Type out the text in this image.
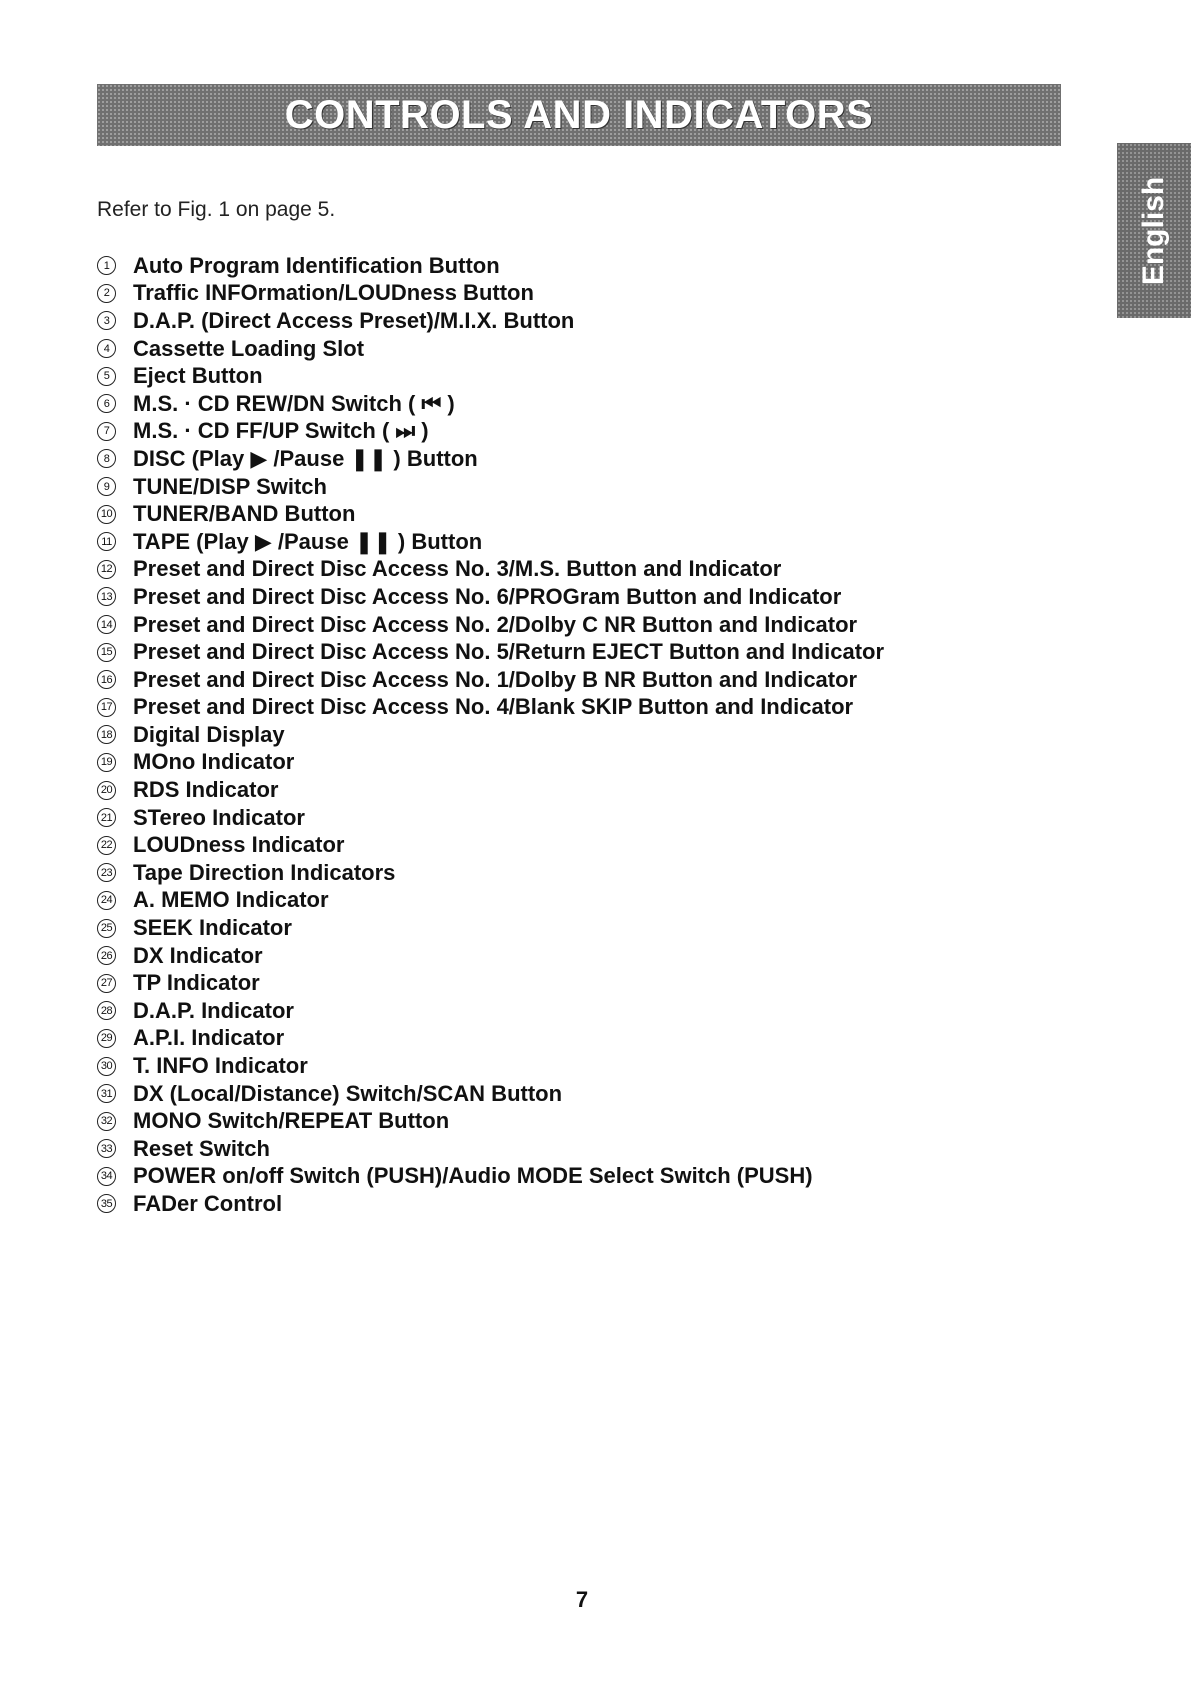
CONTROLS AND INDICATORS
English
Refer to Fig. 1 on page 5.
1	Auto Program Identification Button
2	Traffic INFOrmation/LOUDness Button
3	D.A.P. (Direct Access Preset)/M.I.X. Button
4	Cassette Loading Slot
5	Eject Button
6	M.S. · CD REW/DN Switch ( ⏮ )
7	M.S. · CD FF/UP Switch ( ⏭ )
8	DISC (Play ▶ /Pause ❚❚ ) Button
9	TUNE/DISP Switch
10 TUNER/BAND Button
11 TAPE (Play ▶ /Pause ❚❚ ) Button
12 Preset and Direct Disc Access No. 3/M.S. Button and Indicator
13 Preset and Direct Disc Access No. 6/PROGram Button and Indicator
14 Preset and Direct Disc Access No. 2/Dolby C NR Button and Indicator
15 Preset and Direct Disc Access No. 5/Return EJECT Button and Indicator
16 Preset and Direct Disc Access No. 1/Dolby B NR Button and Indicator
17 Preset and Direct Disc Access No. 4/Blank SKIP Button and Indicator
18 Digital Display
19 MOno Indicator
20 RDS Indicator
21 STereo Indicator
22 LOUDness Indicator
23 Tape Direction Indicators
24 A. MEMO Indicator
25 SEEK Indicator
26 DX Indicator
27 TP Indicator
28 D.A.P. Indicator
29 A.P.I. Indicator
30 T. INFO Indicator
31 DX (Local/Distance) Switch/SCAN Button
32 MONO Switch/REPEAT Button
33 Reset Switch
34 POWER on/off Switch (PUSH)/Audio MODE Select Switch (PUSH)
35 FADer Control
7
